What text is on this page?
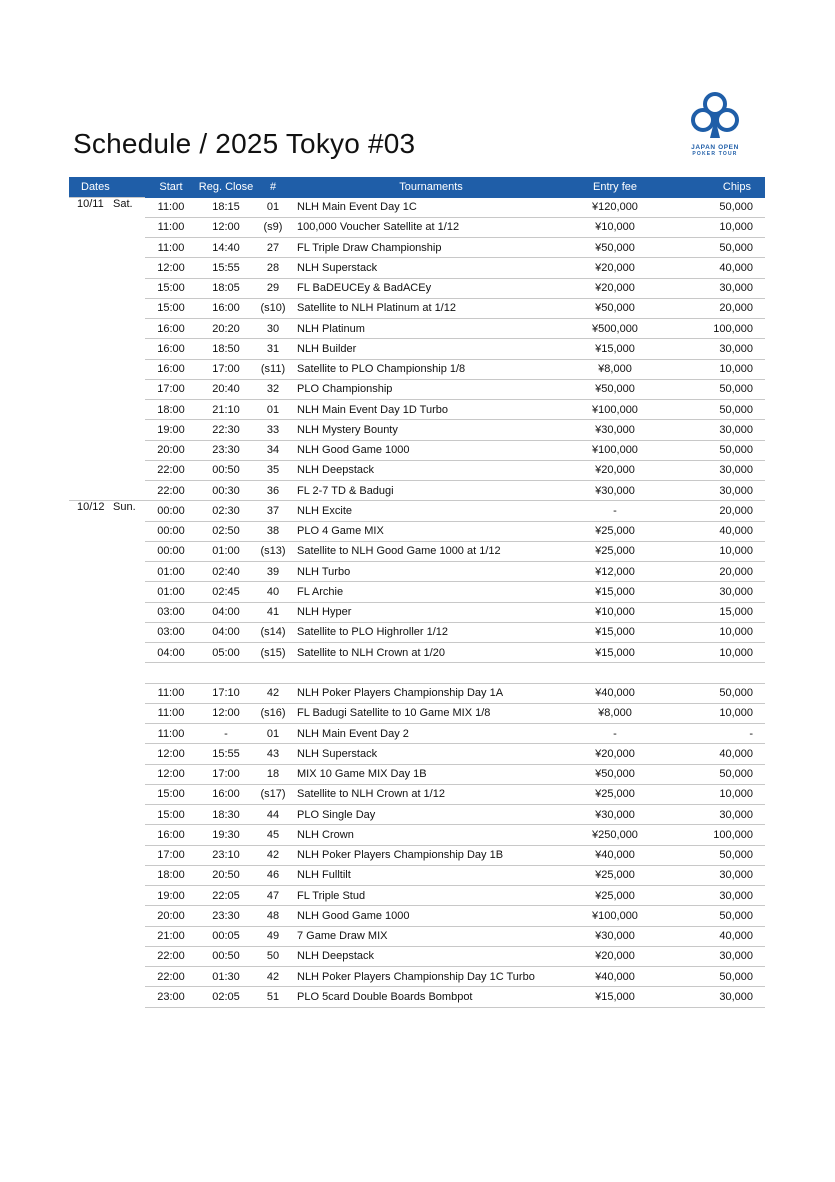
Schedule / 2025 Tokyo #03	JAPAN OPEN
POKER TOUR
Dates	Start	Reg. Close	#	Tournaments	Entry fee	Chips
10/11 Sat.	11:00	18:15	01	NLH Main Event Day 1C	¥120,000	50,000
	11:00	12:00	(s9)	100,000 Voucher Satellite at 1/12	¥10,000	10,000
	11:00	14:40	27	FL Triple Draw Championship	¥50,000	50,000
	12:00	15:55	28	NLH Superstack	¥20,000	40,000
	15:00	18:05	29	FL BaDEUCEy & BadACEy	¥20,000	30,000
	15:00	16:00	(s10)	Satellite to NLH Platinum at 1/12	¥50,000	20,000
	16:00	20:20	30	NLH Platinum	¥500,000	100,000
	16:00	18:50	31	NLH Builder	¥15,000	30,000
	16:00	17:00	(s11)	Satellite to PLO Championship 1/8	¥8,000	10,000
	17:00	20:40	32	PLO Championship	¥50,000	50,000
	18:00	21:10	01	NLH Main Event Day 1D Turbo	¥100,000	50,000
	19:00	22:30	33	NLH Mystery Bounty	¥30,000	30,000
	20:00	23:30	34	NLH Good Game 1000	¥100,000	50,000
	22:00	00:50	35	NLH Deepstack	¥20,000	30,000
	22:00	00:30	36	FL 2-7 TD & Badugi	¥30,000	30,000
10/12 Sun.	00:00	02:30	37	NLH Excite	-	20,000
	00:00	02:50	38	PLO 4 Game MIX	¥25,000	40,000
	00:00	01:00	(s13)	Satellite to NLH Good Game 1000 at 1/12	¥25,000	10,000
	01:00	02:40	39	NLH Turbo	¥12,000	20,000
	01:00	02:45	40	FL Archie	¥15,000	30,000
	03:00	04:00	41	NLH Hyper	¥10,000	15,000
	03:00	04:00	(s14)	Satellite to PLO Highroller 1/12	¥15,000	10,000
	04:00	05:00	(s15)	Satellite to NLH Crown at 1/20	¥15,000	10,000

	11:00	17:10	42	NLH Poker Players Championship Day 1A	¥40,000	50,000
	11:00	12:00	(s16)	FL Badugi Satellite to 10 Game MIX 1/8	¥8,000	10,000
	11:00	-	01	NLH Main Event Day 2	-	-
	12:00	15:55	43	NLH Superstack	¥20,000	40,000
	12:00	17:00	18	MIX 10 Game MIX Day 1B	¥50,000	50,000
	15:00	16:00	(s17)	Satellite to NLH Crown at 1/12	¥25,000	10,000
	15:00	18:30	44	PLO Single Day	¥30,000	30,000
	16:00	19:30	45	NLH Crown	¥250,000	100,000
	17:00	23:10	42	NLH Poker Players Championship Day 1B	¥40,000	50,000
	18:00	20:50	46	NLH Fulltilt	¥25,000	30,000
	19:00	22:05	47	FL Triple Stud	¥25,000	30,000
	20:00	23:30	48	NLH Good Game 1000	¥100,000	50,000
	21:00	00:05	49	7 Game Draw MIX	¥30,000	40,000
	22:00	00:50	50	NLH Deepstack	¥20,000	30,000
	22:00	01:30	42	NLH Poker Players Championship Day 1C Turbo	¥40,000	50,000
	23:00	02:05	51	PLO 5card Double Boards Bombpot	¥15,000	30,000
